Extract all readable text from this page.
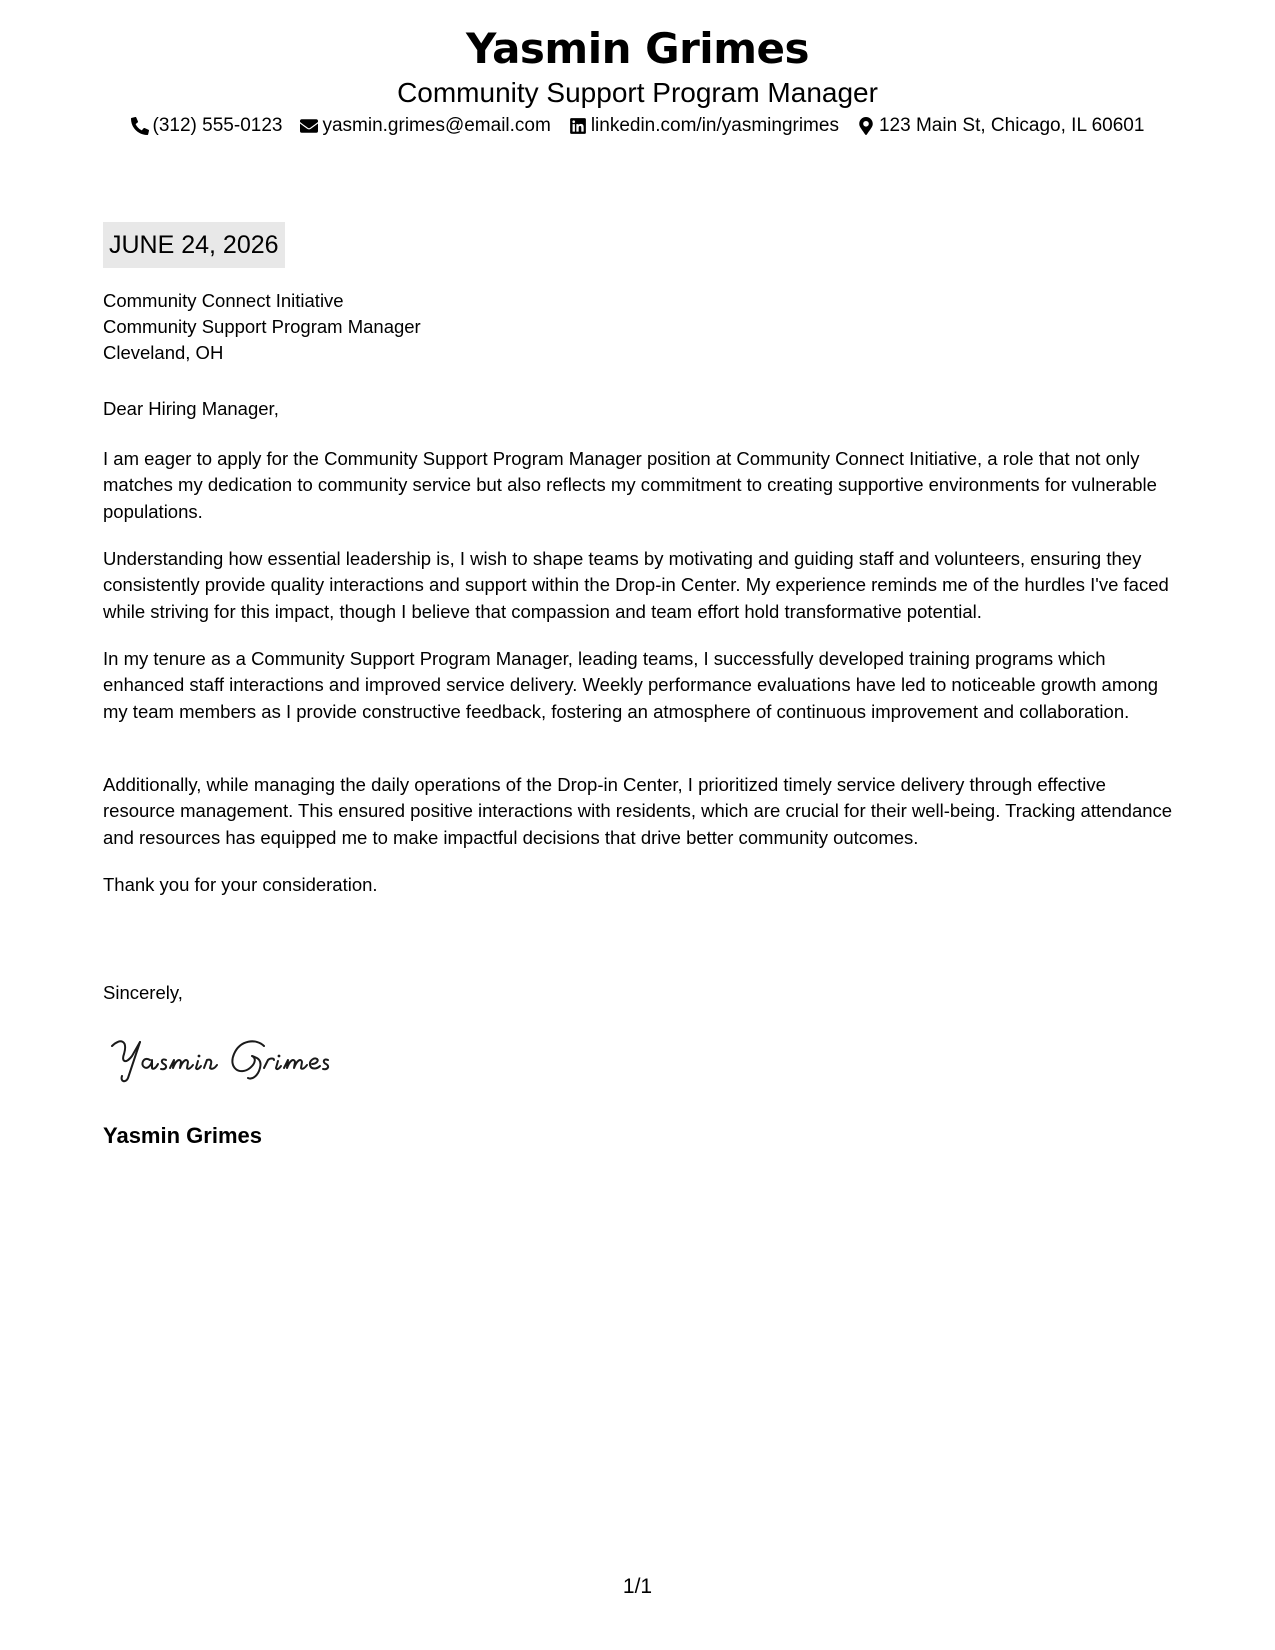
Yasmin Grimes
Community Support Program Manager
(312) 555-0123 yasmin.grimes@email.com linkedin.com/in/yasmingrimes 123 Main St, Chicago, IL 60601
JUNE 24, 2026
Community Connect Initiative
Community Support Program Manager
Cleveland, OH
Dear Hiring Manager,

I am eager to apply for the Community Support Program Manager position at Community Connect Initiative, a role that not only matches my dedication to community service but also reflects my commitment to creating supportive environments for vulnerable populations.

Understanding how essential leadership is, I wish to shape teams by motivating and guiding staff and volunteers, ensuring they consistently provide quality interactions and support within the Drop-in Center. My experience reminds me of the hurdles I've faced while striving for this impact, though I believe that compassion and team effort hold transformative potential.

In my tenure as a Community Support Program Manager, leading teams, I successfully developed training programs which enhanced staff interactions and improved service delivery. Weekly performance evaluations have led to noticeable growth among my team members as I provide constructive feedback, fostering an atmosphere of continuous improvement and collaboration.

Additionally, while managing the daily operations of the Drop-in Center, I prioritized timely service delivery through effective resource management. This ensured positive interactions with residents, which are crucial for their well-being. Tracking attendance and resources has equipped me to make impactful decisions that drive better community outcomes.

Thank you for your consideration.

Sincerely,
Yasmin Grimes
1/1
